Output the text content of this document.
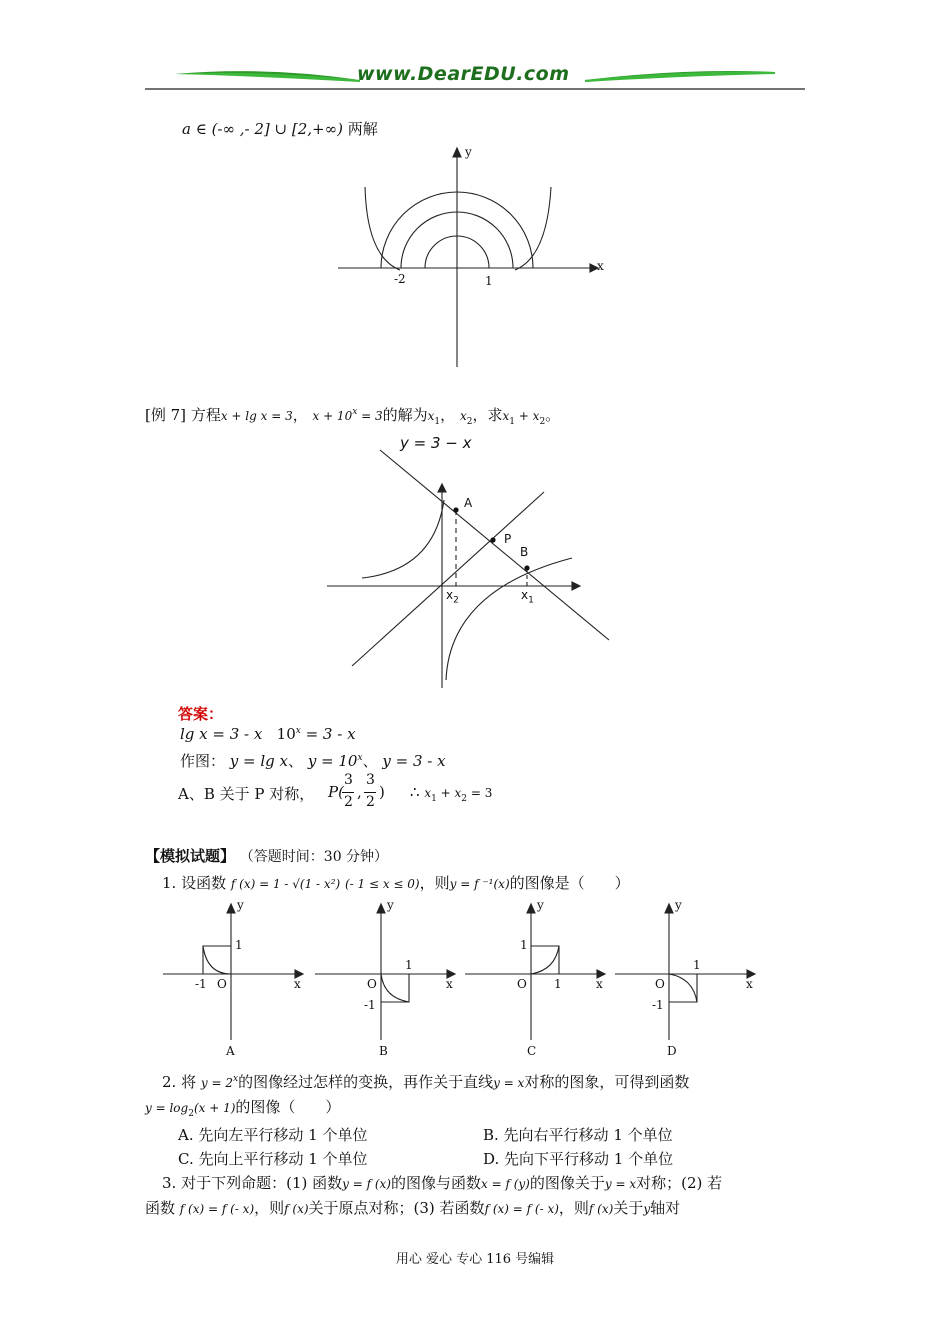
www.DearEDU.com
a ∈ (-∞ ,- 2] ∪ [2,+∞) 两解
y
x
-2	1
[例 7] 方程x + lg x = 3， $x + 10^x = 3$的解为$x_1$， $x_2$，求$x_1 + x_2$。
y = 3 − x
A
P
B
$x_2$	$x_1$
答案：
lg x = 3 - x $10^x = 3 - x$
作图： y = lg x、 $y = 10^x$、 y = 3 - x
A、B 关于 P 对称， P(
3
2
,
3
2
) ∴ $x_1 + x_2 = 3$
【模拟试题】 （答题时间：30 分钟）
1. 设函数 f (x) = 1 - √(1 - x²) (- 1 ≤ x ≤ 0)，则y = f ⁻¹(x)的图像是（　　）
y
x
O
1
-1
A
y
x
O
1
-1
B
y
x
O
1
1
C
y
x
O
1
-1
D
2. 将 $y = 2^x$的图像经过怎样的变换，再作关于直线y = x对称的图象，可得到函数
$y = \log_2(x + 1)$的图像（　　）
A. 先向左平行移动 1 个单位	B. 先向右平行移动 1 个单位
C. 先向上平行移动 1 个单位	D. 先向下平行移动 1 个单位
3. 对于下列命题：(1) 函数y = f (x)的图像与函数x = f (y)的图像关于y = x对称；(2) 若
函数 f (x) = f (- x)，则f (x)关于原点对称；(3) 若函数f (x) = f (- x)，则f (x)关于y轴对
用心 爱心 专心 116 号编辑
